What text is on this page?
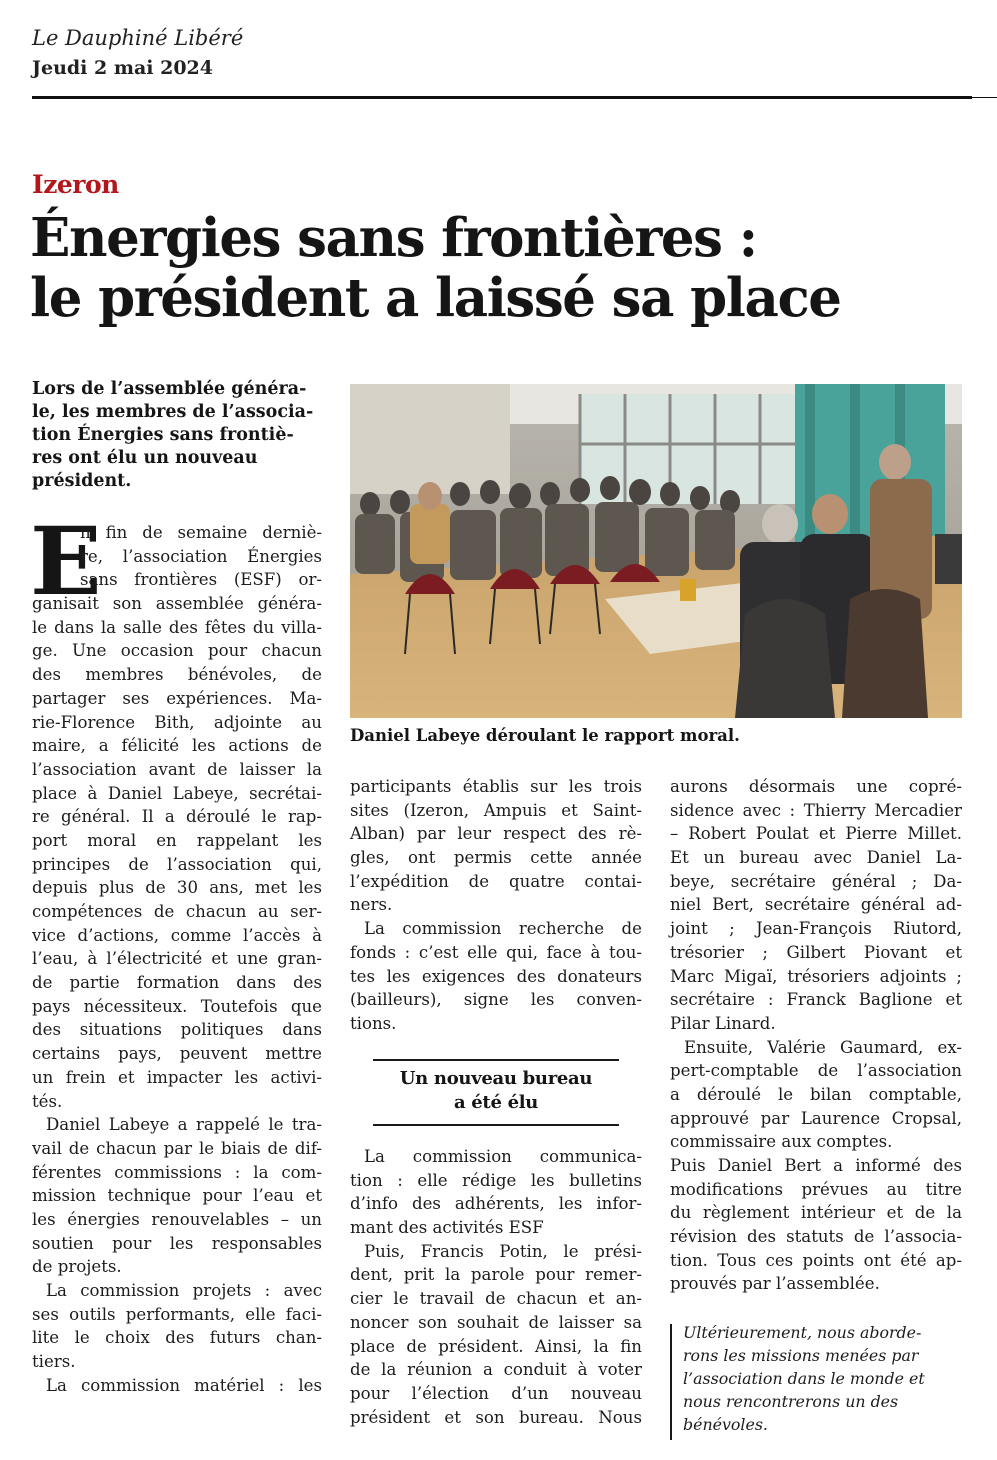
Le Dauphiné Libéré
Jeudi 2 mai 2024
Izeron
Énergies sans frontières :
le président a laissé sa place
Lors de l’assemblée généra-
le, les membres de l’associa-
tion Énergies sans frontiè-
res ont élu un nouveau
président.
Daniel Labeye déroulant le rapport moral.
E
n fin de semaine derniè-
re, l’association Énergies
sans frontières (ESF) or-
ganisait son assemblée généra-
le dans la salle des fêtes du villa-
ge. Une occasion pour chacun
des membres bénévoles, de
partager ses expériences. Ma-
rie-Florence Bith, adjointe au
maire, a félicité les actions de
l’association avant de laisser la
place à Daniel Labeye, secrétai-
re général. Il a déroulé le rap-
port moral en rappelant les
principes de l’association qui,
depuis plus de 30 ans, met les
compétences de chacun au ser-
vice d’actions, comme l’accès à
l’eau, à l’électricité et une gran-
de partie formation dans des
pays nécessiteux. Toutefois que
des situations politiques dans
certains pays, peuvent mettre
un frein et impacter les activi-
tés.
Daniel Labeye a rappelé le tra-
vail de chacun par le biais de dif-
férentes commissions : la com-
mission technique pour l’eau et
les énergies renouvelables – un
soutien pour les responsables
de projets.
La commission projets : avec
ses outils performants, elle faci-
lite le choix des futurs chan-
tiers.
La commission matériel : les
participants établis sur les trois
sites (Izeron, Ampuis et Saint-
Alban) par leur respect des rè-
gles, ont permis cette année
l’expédition de quatre contai-
ners.
La commission recherche de
fonds : c’est elle qui, face à tou-
tes les exigences des donateurs
(bailleurs), signe les conven-
tions.
Un nouveau bureau
a été élu
La commission communica-
tion : elle rédige les bulletins
d’info des adhérents, les infor-
mant des activités ESF
Puis, Francis Potin, le prési-
dent, prit la parole pour remer-
cier le travail de chacun et an-
noncer son souhait de laisser sa
place de président. Ainsi, la fin
de la réunion a conduit à voter
pour l’élection d’un nouveau
président et son bureau. Nous
aurons désormais une copré-
sidence avec : Thierry Mercadier
– Robert Poulat et Pierre Millet.
Et un bureau avec Daniel La-
beye, secrétaire général ; Da-
niel Bert, secrétaire général ad-
joint ; Jean-François Riutord,
trésorier ; Gilbert Piovant et
Marc Migaï, trésoriers adjoints ;
secrétaire : Franck Baglione et
Pilar Linard.
Ensuite, Valérie Gaumard, ex-
pert-comptable de l’association
a déroulé le bilan comptable,
approuvé par Laurence Cropsal,
commissaire aux comptes.
Puis Daniel Bert a informé des
modifications prévues au titre
du règlement intérieur et de la
révision des statuts de l’associa-
tion. Tous ces points ont été ap-
prouvés par l’assemblée.
Ultérieurement, nous aborde-
rons les missions menées par
l’association dans le monde et
nous rencontrerons un des
bénévoles.
